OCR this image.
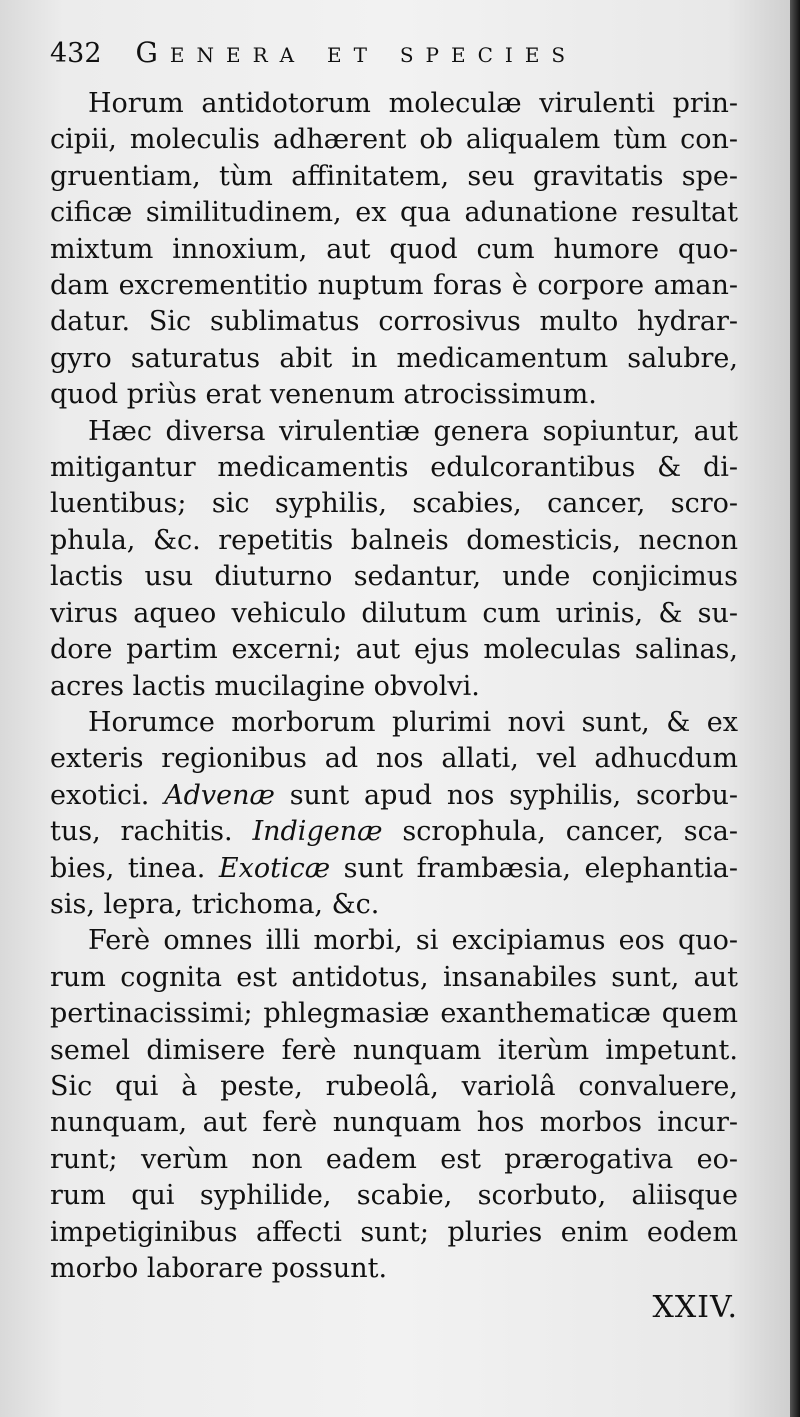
432 Genera et species
Horum antidotorum moleculæ virulenti prin-
cipii, moleculis adhærent ob aliqualem tùm con-
gruentiam, tùm affinitatem, seu gravitatis spe-
cificæ similitudinem, ex qua adunatione resultat
mixtum innoxium, aut quod cum humore quo-
dam excrementitio nuptum foras è corpore aman-
datur. Sic sublimatus corrosivus multo hydrar-
gyro saturatus abit in medicamentum salubre,
quod priùs erat venenum atrocissimum.
Hæc diversa virulentiæ genera sopiuntur, aut
mitigantur medicamentis edulcorantibus & di-
luentibus; sic syphilis, scabies, cancer, scro-
phula, &c. repetitis balneis domesticis, necnon
lactis usu diuturno sedantur, unde conjicimus
virus aqueo vehiculo dilutum cum urinis, & su-
dore partim excerni; aut ejus moleculas salinas,
acres lactis mucilagine obvolvi.
Horumce morborum plurimi novi sunt, & ex
exteris regionibus ad nos allati, vel adhucdum
exotici. Advenæ sunt apud nos syphilis, scorbu-
tus, rachitis. Indigenæ scrophula, cancer, sca-
bies, tinea. Exoticæ sunt frambæsia, elephantia-
sis, lepra, trichoma, &c.
Ferè omnes illi morbi, si excipiamus eos quo-
rum cognita est antidotus, insanabiles sunt, aut
pertinacissimi; phlegmasiæ exanthematicæ quem
semel dimisere ferè nunquam iterùm impetunt.
Sic qui à peste, rubeolâ, variolâ convaluere,
nunquam, aut ferè nunquam hos morbos incur-
runt; verùm non eadem est prærogativa eo-
rum qui syphilide, scabie, scorbuto, aliisque
impetiginibus affecti sunt; pluries enim eodem
morbo laborare possunt.
XXIV.
